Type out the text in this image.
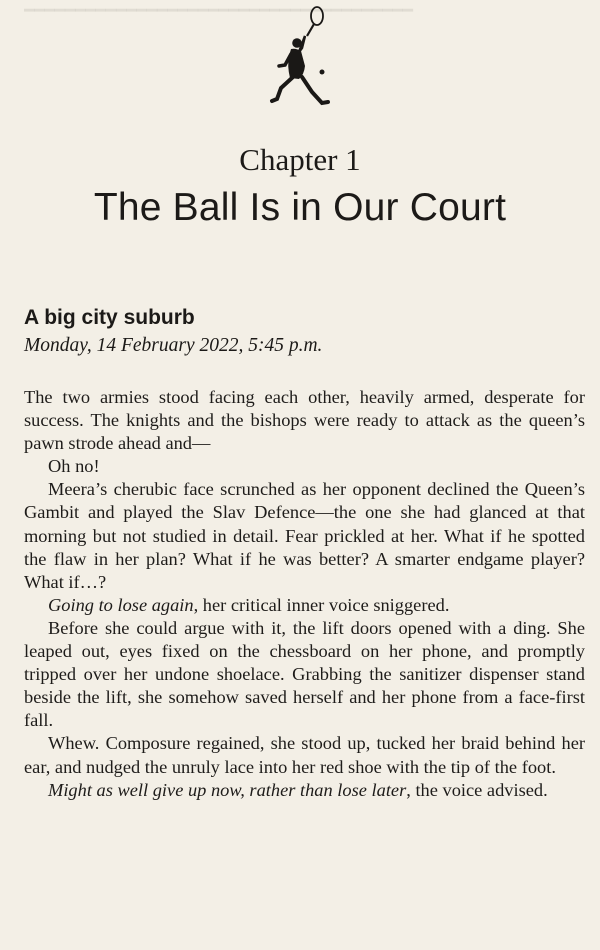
━━━━━━━━━━━━━━━━━━━━━━━━━━━━━━━━━━━━━━

Chapter 1
The Ball Is in Our Court
A big city suburb
Monday, 14 February 2022, 5:45 p.m.

The two armies stood facing each other, heavily armed, desperate for success. The knights and the bishops were ready to attack as the queen’s pawn strode ahead and—

Oh no!

Meera’s cherubic face scrunched as her opponent declined the Queen’s Gambit and played the Slav Defence—the one she had glanced at that morning but not studied in detail. Fear prickled at her. What if he spotted the flaw in her plan? What if he was better? A smarter endgame player? What if…?

Going to lose again, her critical inner voice sniggered.

Before she could argue with it, the lift doors opened with a ding. She leaped out, eyes fixed on the chessboard on her phone, and promptly tripped over her undone shoelace. Grabbing the sanitizer dispenser stand beside the lift, she somehow saved herself and her phone from a face-first fall.

Whew. Composure regained, she stood up, tucked her braid behind her ear, and nudged the unruly lace into her red shoe with the tip of the foot.

Might as well give up now, rather than lose later, the voice advised.
